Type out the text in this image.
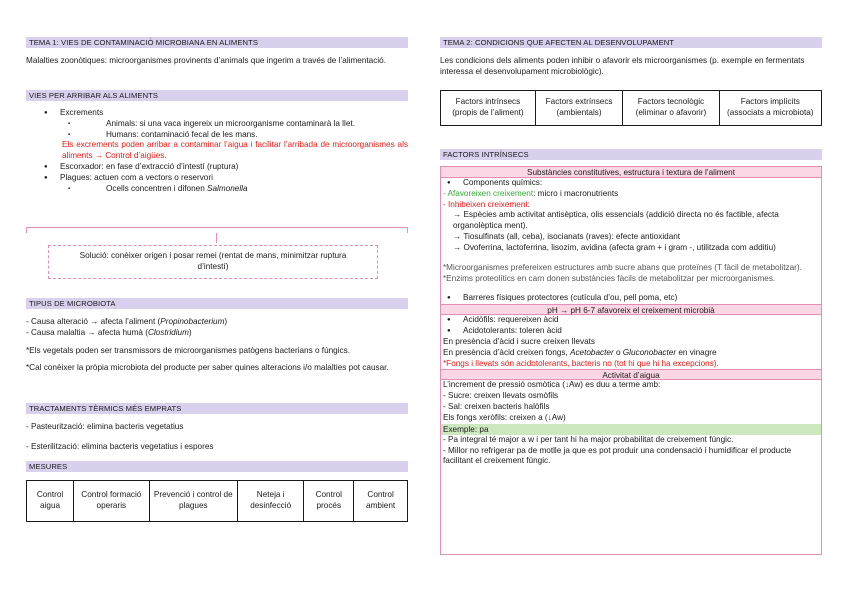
TEMA 1: VIES DE CONTAMINACIÓ MICROBIANA EN ALIMENTS

Malalties zoonòtiques: microorganismes provinents d’animals que ingerim a través de l’alimentació.

VIES PER ARRIBAR ALS ALIMENTS
● Excrements
▪ Animals: si una vaca ingereix un microorganisme contaminarà la llet.
▪ Humans: contaminació fecal de les mans.

Els excrements poden arribar a contaminar l’aigua i facilitar l’arribada de microorganismes als aliments → Control d’aigües.

● Escorxador: en fase d’extracció d’intestí (ruptura)
● Plagues: actuen com a vectors o reservori
▪ Ocells concentren i difonen Salmonella
Solució: conèixer origen i posar remei (rentat de mans, minimitzar ruptura d’intestí)
TIPUS DE MICROBIOTA

- Causa alteració → afecta l’aliment (Propinobacterium)

- Causa malaltia → afecta humà (Clostridium)

*Els vegetals poden ser transmissors de microorganismes patògens bacterians o fúngics.

*Cal conèixer la pròpia microbiota del producte per saber quines alteracions i/o malalties pot causar.

TRACTAMENTS TÈRMICS MÉS EMPRATS

- Pasteurització: elimina bacteris vegetatius

- Esterilització: elimina bacteris vegetatius i espores

MESURES
Control aigua	Control formació operaris	Prevenció i control de plagues	Neteja i desinfecció	Control procés	Control ambient
TEMA 2: CONDICIONS QUE AFECTEN AL DESENVOLUPAMENT

Les condicions dels aliments poden inhibir o afavorir els microorganismes (p. exemple en fermentats interessa el desenvolupament microbiològic).

Factors intrínsecs (propis de l’aliment)	Factors extrínsecs (ambientals)	Factors tecnològic (eliminar o afavorir)	Factors implícits (associats a microbiota)
FACTORS INTRÍNSECS
Substàncies constitutives, estructura i textura de l’aliment
● Components químics:

- Afavoreixen creixement: micro i macronutrients

- Inhibeixen creixement:

→ Espècies amb activitat antisèptica, olis essencials (addició directa no és factible, afecta organolèptica ment).

→ Tiosulfinats (all, ceba), isocianats (raves): efecte antioxidant

→ Ovoferrina, lactoferrina, lisozim, avidina (afecta gram + i gram -, utilitzada com additiu)

*Microorganismes prefereixen estructures amb sucre abans que proteïnes (T fàcil de metabolitzar).

*Enzims proteolítics en carn donen substàncies fàcils de metabolitzar per microorganismes.

● Barreres físiques protectores (cutícula d’ou, pell poma, etc)
pH → pH 6-7 afavoreix el creixement microbià
● Acidòfils: requereixen àcid
● Acidotolerants: toleren àcid

En presència d’àcid i sucre creixen llevats

En presència d’àcid creixen fongs, Acetobacter o Gluconobacter en vinagre

*Fongs i llevats són acidotolerants, bacteris no (tot hi que hi ha excepcions).

Activitat d’aigua

L’increment de pressió osmòtica (↓Aw) es duu a terme amb:

- Sucre: creixen llevats osmòfils

- Sal: creixen bacteris halòfils

Els fongs xeròfils: creixen a (↓Aw)

Exemple: pa

- Pa integral té major a w i per tant hi ha major probabilitat de creixement fúngic.

- Millor no refrigerar pa de motlle ja que es pot produir una condensació i humidificar el producte facilitant el creixement fúngic.
